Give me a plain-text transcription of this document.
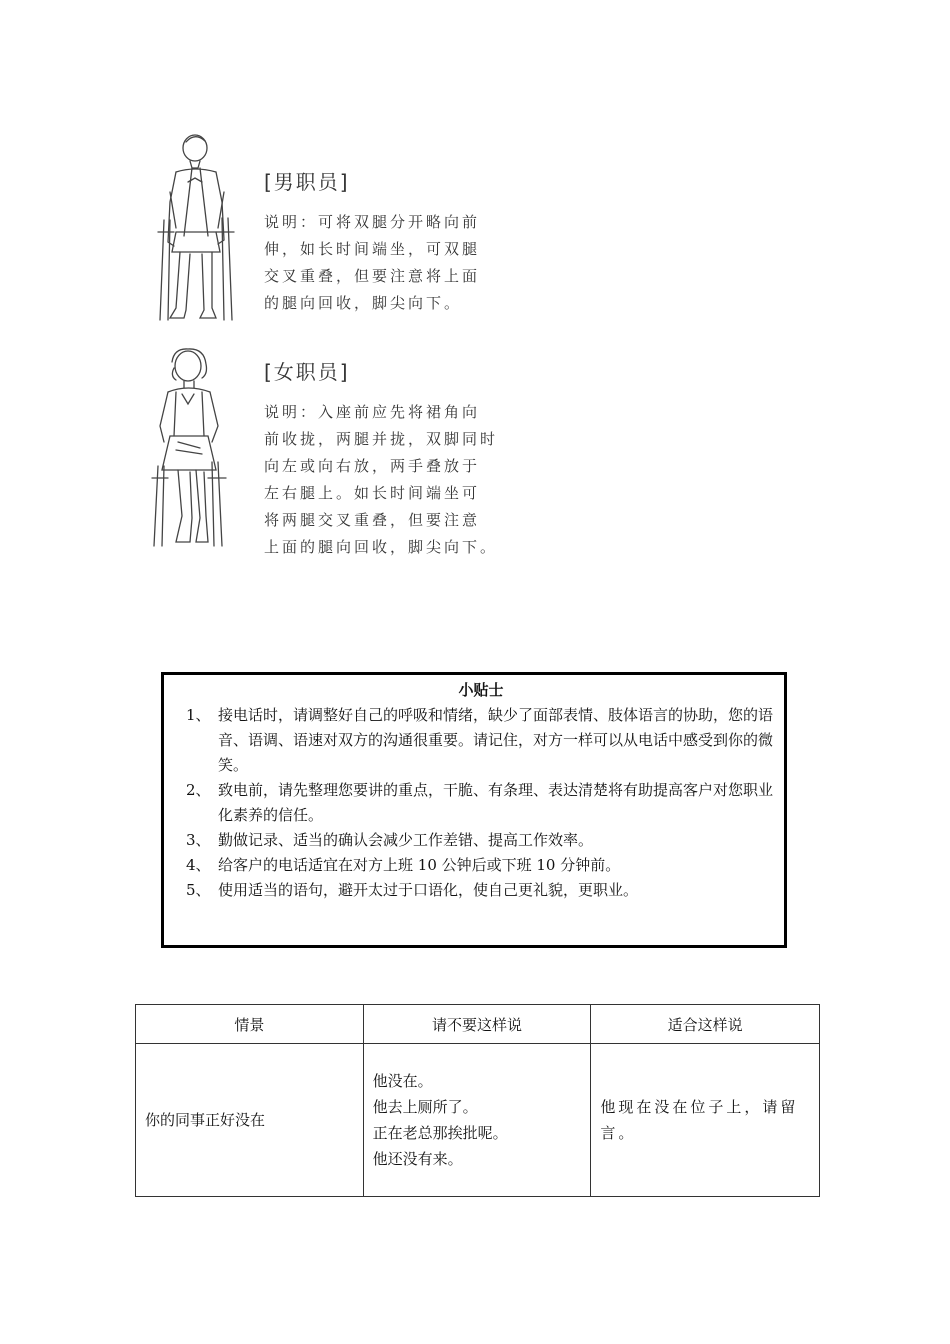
[男职员]
说明：可将双腿分开略向前
伸，如长时间端坐，可双腿
交叉重叠，但要注意将上面
的腿向回收，脚尖向下。
[女职员]
说明：入座前应先将裙角向
前收拢，两腿并拢，双脚同时
向左或向右放，两手叠放于
左右腿上。如长时间端坐可
将两腿交叉重叠，但要注意
上面的腿向回收，脚尖向下。
小贴士
1、 接电话时，请调整好自己的呼吸和情绪，缺少了面部表情、肢体语言的协助，您的语音、语调、语速对双方的沟通很重要。请记住，对方一样可以从电话中感受到你的微笑。
2、 致电前，请先整理您要讲的重点，干脆、有条理、表达清楚将有助提高客户对您职业化素养的信任。
3、 勤做记录、适当的确认会减少工作差错、提高工作效率。
4、 给客户的电话适宜在对方上班 10 公钟后或下班 10 分钟前。
5、 使用适当的语句，避开太过于口语化，使自己更礼貌，更职业。
情景	请不要这样说	适合这样说
你的同事正好没在	他没在。
他去上厕所了。
正在老总那挨批呢。
他还没有来。	他现在没在位子上，请留言。
